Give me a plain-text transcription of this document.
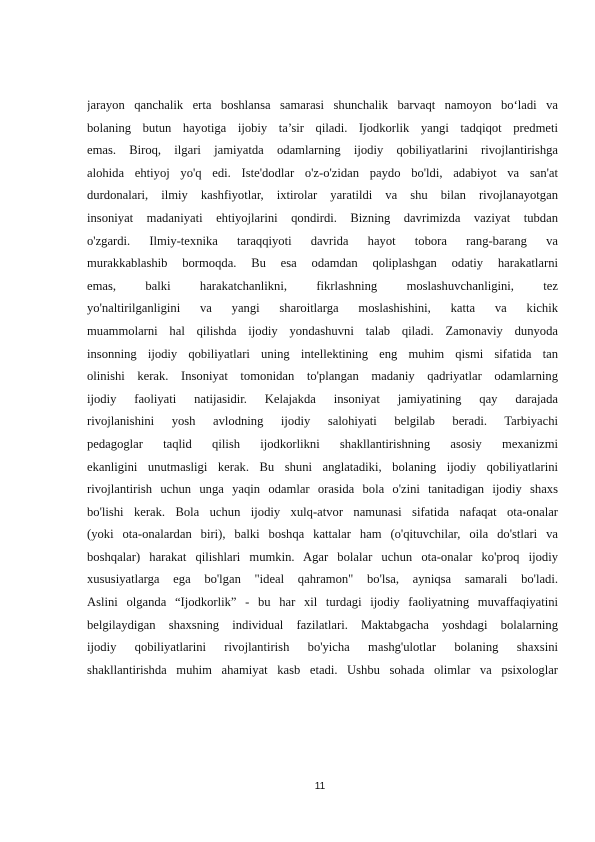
jarayon qanchalik erta boshlansa samarasi shunchalik barvaqt namoyon bo‘ladi va
bolaning butun hayotiga ijobiy ta’sir qiladi. Ijodkorlik yangi tadqiqot predmeti
emas. Biroq, ilgari jamiyatda odamlarning ijodiy qobiliyatlarini rivojlantirishga
alohida ehtiyoj yo'q edi. Iste'dodlar o'z-o'zidan paydo bo'ldi, adabiyot va san'at
durdonalari, ilmiy kashfiyotlar, ixtirolar yaratildi va shu bilan rivojlanayotgan
insoniyat madaniyati ehtiyojlarini qondirdi. Bizning davrimizda vaziyat tubdan
o'zgardi. Ilmiy-texnika taraqqiyoti davrida hayot tobora rang-barang va
murakkablashib bormoqda. Bu esa odamdan qoliplashgan odatiy harakatlarni
emas, balki harakatchanlikni, fikrlashning moslashuvchanligini, tez
yo'naltirilganligini va yangi sharoitlarga moslashishini, katta va kichik
muammolarni hal qilishda ijodiy yondashuvni talab qiladi. Zamonaviy dunyoda
insonning ijodiy qobiliyatlari uning intellektining eng muhim qismi sifatida tan
olinishi kerak. Insoniyat tomonidan to'plangan madaniy qadriyatlar odamlarning
ijodiy faoliyati natijasidir. Kelajakda insoniyat jamiyatining qay darajada
rivojlanishini yosh avlodning ijodiy salohiyati belgilab beradi. Tarbiyachi
pedagoglar taqlid qilish ijodkorlikni shakllantirishning asosiy mexanizmi
ekanligini unutmasligi kerak. Bu shuni anglatadiki, bolaning ijodiy qobiliyatlarini
rivojlantirish uchun unga yaqin odamlar orasida bola o'zini tanitadigan ijodiy shaxs
bo'lishi kerak. Bola uchun ijodiy xulq-atvor namunasi sifatida nafaqat ota-onalar
(yoki ota-onalardan biri), balki boshqa kattalar ham (o'qituvchilar, oila do'stlari va
boshqalar) harakat qilishlari mumkin. Agar bolalar uchun ota-onalar ko'proq ijodiy
xususiyatlarga ega bo'lgan "ideal qahramon" bo'lsa, ayniqsa samarali bo'ladi.
Aslini olganda “Ijodkorlik” - bu har xil turdagi ijodiy faoliyatning muvaffaqiyatini
belgilaydigan shaxsning individual fazilatlari. Maktabgacha yoshdagi bolalarning
ijodiy qobiliyatlarini rivojlantirish bo'yicha mashg'ulotlar bolaning shaxsini
shakllantirishda muhim ahamiyat kasb etadi. Ushbu sohada olimlar va psixologlar
11
